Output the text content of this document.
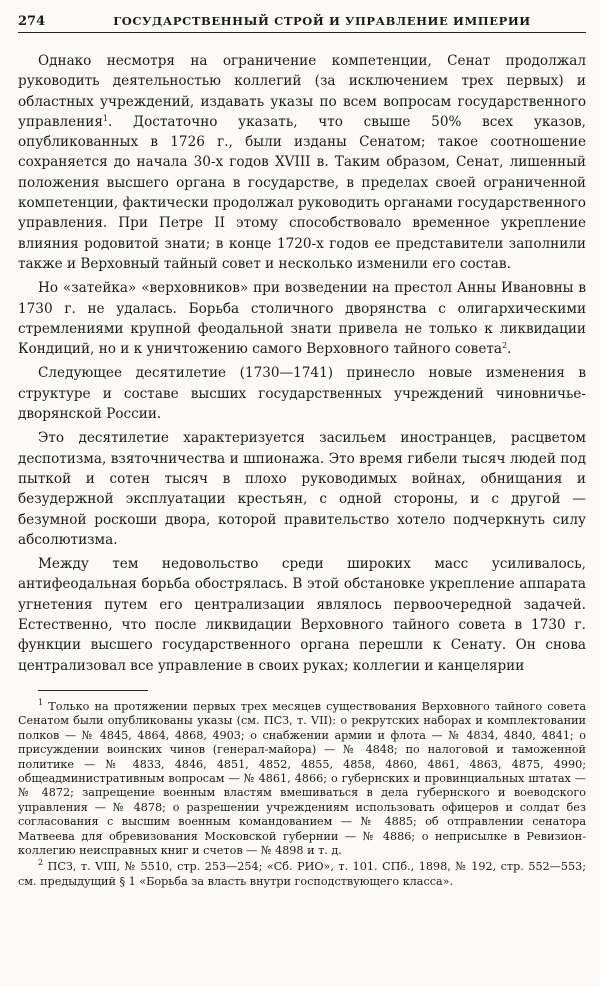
274	ГОСУДАРСТВЕННЫЙ СТРОЙ И УПРАВЛЕНИЕ ИМПЕРИИ

Однако несмотря на ограничение компетенции, Сенат продолжал руководить деятельностью коллегий (за исключением трех первых) и областных учреждений, издавать указы по всем вопросам государственного управления$^1$. Достаточно указать, что свыше 50% всех указов, опубликованных в 1726 г., были изданы Сенатом; такое соотношение сохраняется до начала 30-х годов XVIII в. Таким образом, Сенат, лишенный положения высшего органа в государстве, в пределах своей ограниченной компетенции, фактически продолжал руководить органами государственного управления. При Петре II этому способствовало временное укрепление влияния родовитой знати; в конце 1720-х годов ее представители заполнили также и Верховный тайный совет и несколько изменили его состав.

Но «затейка» «верховников» при возведении на престол Анны Ивановны в 1730 г. не удалась. Борьба столичного дворянства с олигархическими стремлениями крупной феодальной знати привела не только к ликвидации Кондиций, но и к уничтожению самого Верховного тайного совета$^2$.

Следующее десятилетие (1730—1741) принесло новые изменения в структуре и составе высших государственных учреждений чиновничье-дворянской России.

Это десятилетие характеризуется засильем иностранцев, расцветом деспотизма, взяточничества и шпионажа. Это время гибели тысяч людей под пыткой и сотен тысяч в плохо руководимых войнах, обнищания и безудержной эксплуатации крестьян, с одной стороны, и с другой — безумной роскоши двора, которой правительство хотело подчеркнуть силу абсолютизма.

Между тем недовольство среди широких масс усиливалось, антифеодальная борьба обострялась. В этой обстановке укрепление аппарата угнетения путем его централизации являлось первоочередной задачей. Естественно, что после ликвидации Верховного тайного совета в 1730 г. функции высшего государственного органа перешли к Сенату. Он снова централизовал все управление в своих руках; коллегии и канцелярии

$^1$ Только на протяжении первых трех месяцев существования Верховного тайного совета Сенатом были опубликованы указы (см. ПСЗ, т. VII): о рекрутских наборах и комплектовании полков — № 4845, 4864, 4868, 4903; о снабжении армии и флота — № 4834, 4840, 4841; о присуждении воинских чинов (генерал-майора) — № 4848; по налоговой и таможенной политике — № 4833, 4846, 4851, 4852, 4855, 4858, 4860, 4861, 4863, 4875, 4990; общеадминистративным вопросам — № 4861, 4866; о губернских и провинциальных штатах — № 4872; запрещение военным властям вмешиваться в дела губернского и воеводского управления — № 4878; о разрешении учреждениям использовать офицеров и солдат без согласования с высшим военным командованием — № 4885; об отправлении сенатора Матвеева для обревизования Московской губернии — № 4886; о неприсылке в Ревизион-коллегию неисправных книг и счетов — № 4898 и т. д.

$^2$ ПСЗ, т. VIII, № 5510, стр. 253—254; «Сб. РИО», т. 101. СПб., 1898, № 192, стр. 552—553; см. предыдущий § 1 «Борьба за власть внутри господствующего класса».
